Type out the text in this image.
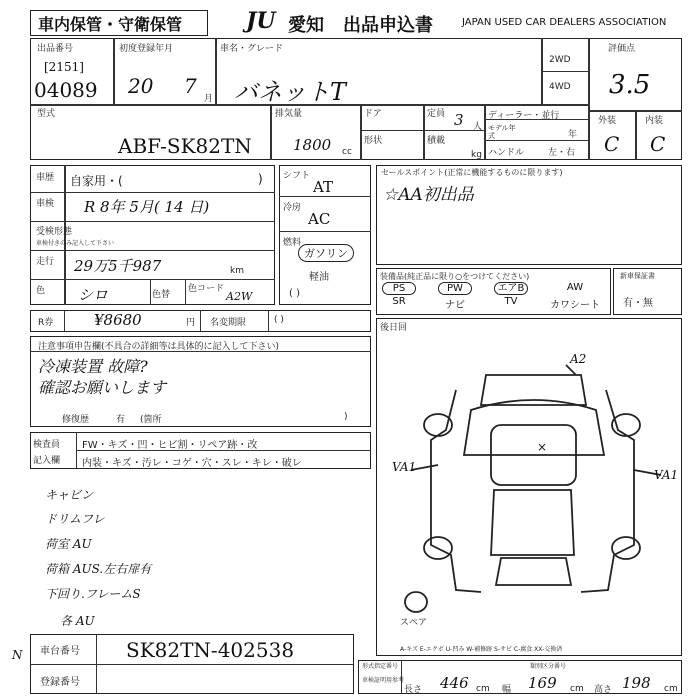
車内保管・守衛保管	JU 愛知 出品申込書	JAPAN USED CAR DEALERS ASSOCIATION
出品番号
[2151]
04089
初度登録年月
20 7
月
車名・グレード
バネットT
2WD
4WD
評価点
3.5
外装	内装
C C
型式
ABF-SK82TN
排気量
1800 cc
ドア
形状
定員 3 人
積載
kg
ディーラー・並行
モデル年式	年
ハンドル	左・右
車歴 自家用・(	)
車検 R 8年 5月( 14 日)
受検形態
車検付きのみ記入して下さい
走行 29万5千987	km
色 シロ	色替
色コード
A2W
シフト
AT
冷房
AC
燃料
ガソリン
軽油
( )
セールスポイント(正常に機能するものに限ります)
☆AA初出品
装備品(純正品に限り○をつけてください)
PS	PW	エアB	AW
SR	ナビ	TV	カワシート
新車保証書
有・無
R券	¥8680	円 名変期限	( )
注意事項申告欄(不具合の詳細等は具体的に記入して下さい)
冷凍装置 故障?
確認お願いします
修復歴	有 (箇所	)
検査員
記入欄
FW・キズ・凹・ヒビ割・リペア跡・改
内装・キズ・汚レ・コゲ・穴・スレ・キレ・破レ
後日回
A2
VA1
VA1
×
スペア
A-キズ E-エクボ U-凹み W-補修跡 S-サビ C-腐食 XX-交換済
キャビン
ドリムフレ
荷室 AU
荷箱 AUS.左右扉有
下回り.フレームS
各 AU
N 車台番号 SK82TN-402538
登録番号
形式指定番号	類別区分番号
車検証明用参考
長さ 446 cm 幅 169 cm 高さ 198 cm
